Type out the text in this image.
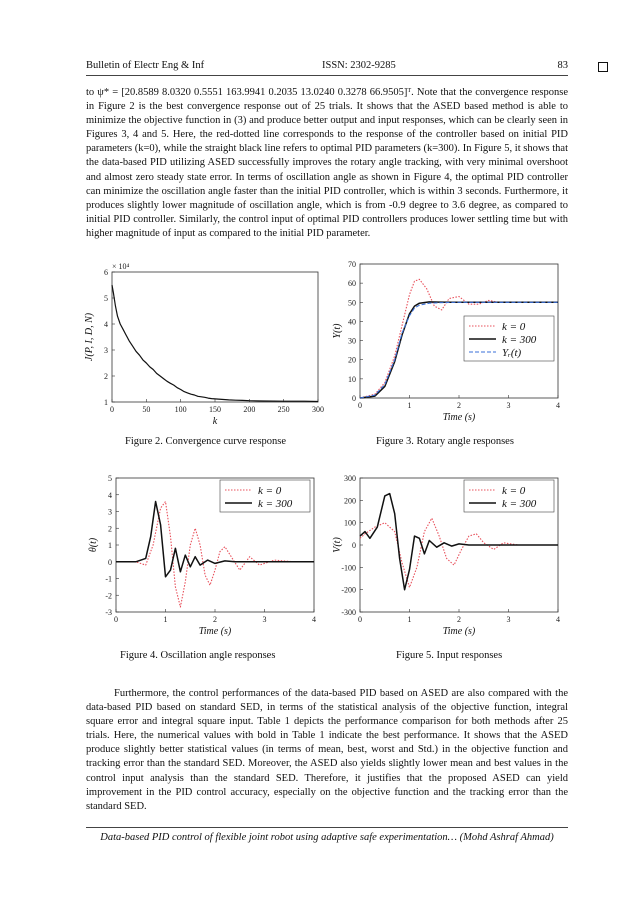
Bulletin of Electr Eng & Inf	ISSN: 2302-9285	83

to ψ* = [20.8589 8.0320 0.5551 163.9941 0.2035 13.0240 0.3278 66.9505]ᵀ. Note that the convergence response in Figure 2 is the best convergence response out of 25 trials. It shows that the ASED based method is able to minimize the objective function in (3) and produce better output and input responses, which can be clearly seen in Figures 3, 4 and 5. Here, the red-dotted line corresponds to the response of the controller based on initial PID parameters (k=0), while the straight black line refers to optimal PID parameters (k=300). In Figure 5, it shows that the data-based PID utilizing ASED successfully improves the rotary angle tracking, with very minimal overshoot and almost zero steady state error. In terms of oscillation angle as shown in Figure 4, the optimal PID controller can minimize the oscillation angle faster than the initial PID controller, which is within 3 seconds. Furthermore, it produces slightly lower magnitude of oscillation angle, which is from -0.9 degree to 3.6 degree, as compared to initial PID controller. Similarly, the control input of optimal PID controllers produces lower settling time but with higher magnitude of input as compared to the initial PID parameter.

0	50	100	150	200	250	300
1
2
3
4
5
6
k
J(P, I, D, N)
× 10⁴
Figure 2. Convergence curve response
0	1	2	3	4
0
10
20
30
40
50
60
70
Time (s)
Y(t)	k = 0
k = 300
Yᵣ(t)
Figure 3. Rotary angle responses
0	1	2	3	4
-3
-2
-1
0
1
2
3
4
5
Time (s)
θ(t)
k = 0
k = 300
Figure 4. Oscillation angle responses
0	1	2	3	4
-300
-200
-100
0
100
200
300
Time (s)
V(t)
k = 0
k = 300
Figure 5. Input responses

Furthermore, the control performances of the data-based PID based on ASED are also compared with the data-based PID based on standard SED, in terms of the statistical analysis of the objective function, integral square error and integral square input. Table 1 depicts the performance comparison for both methods after 25 trials. Here, the numerical values with bold in Table 1 indicate the best performance. It shows that the ASED produce slightly better statistical values (in terms of mean, best, worst and Std.) in the objective function and tracking error than the standard SED. Moreover, the ASED also yields slightly lower mean and best values in the control input analysis than the standard SED. Therefore, it justifies that the proposed ASED can yield improvement in the PID control accuracy, especially on the objective function and the tracking error than the standard SED.

Data-based PID control of flexible joint robot using adaptive safe experimentation… (Mohd Ashraf Ahmad)
